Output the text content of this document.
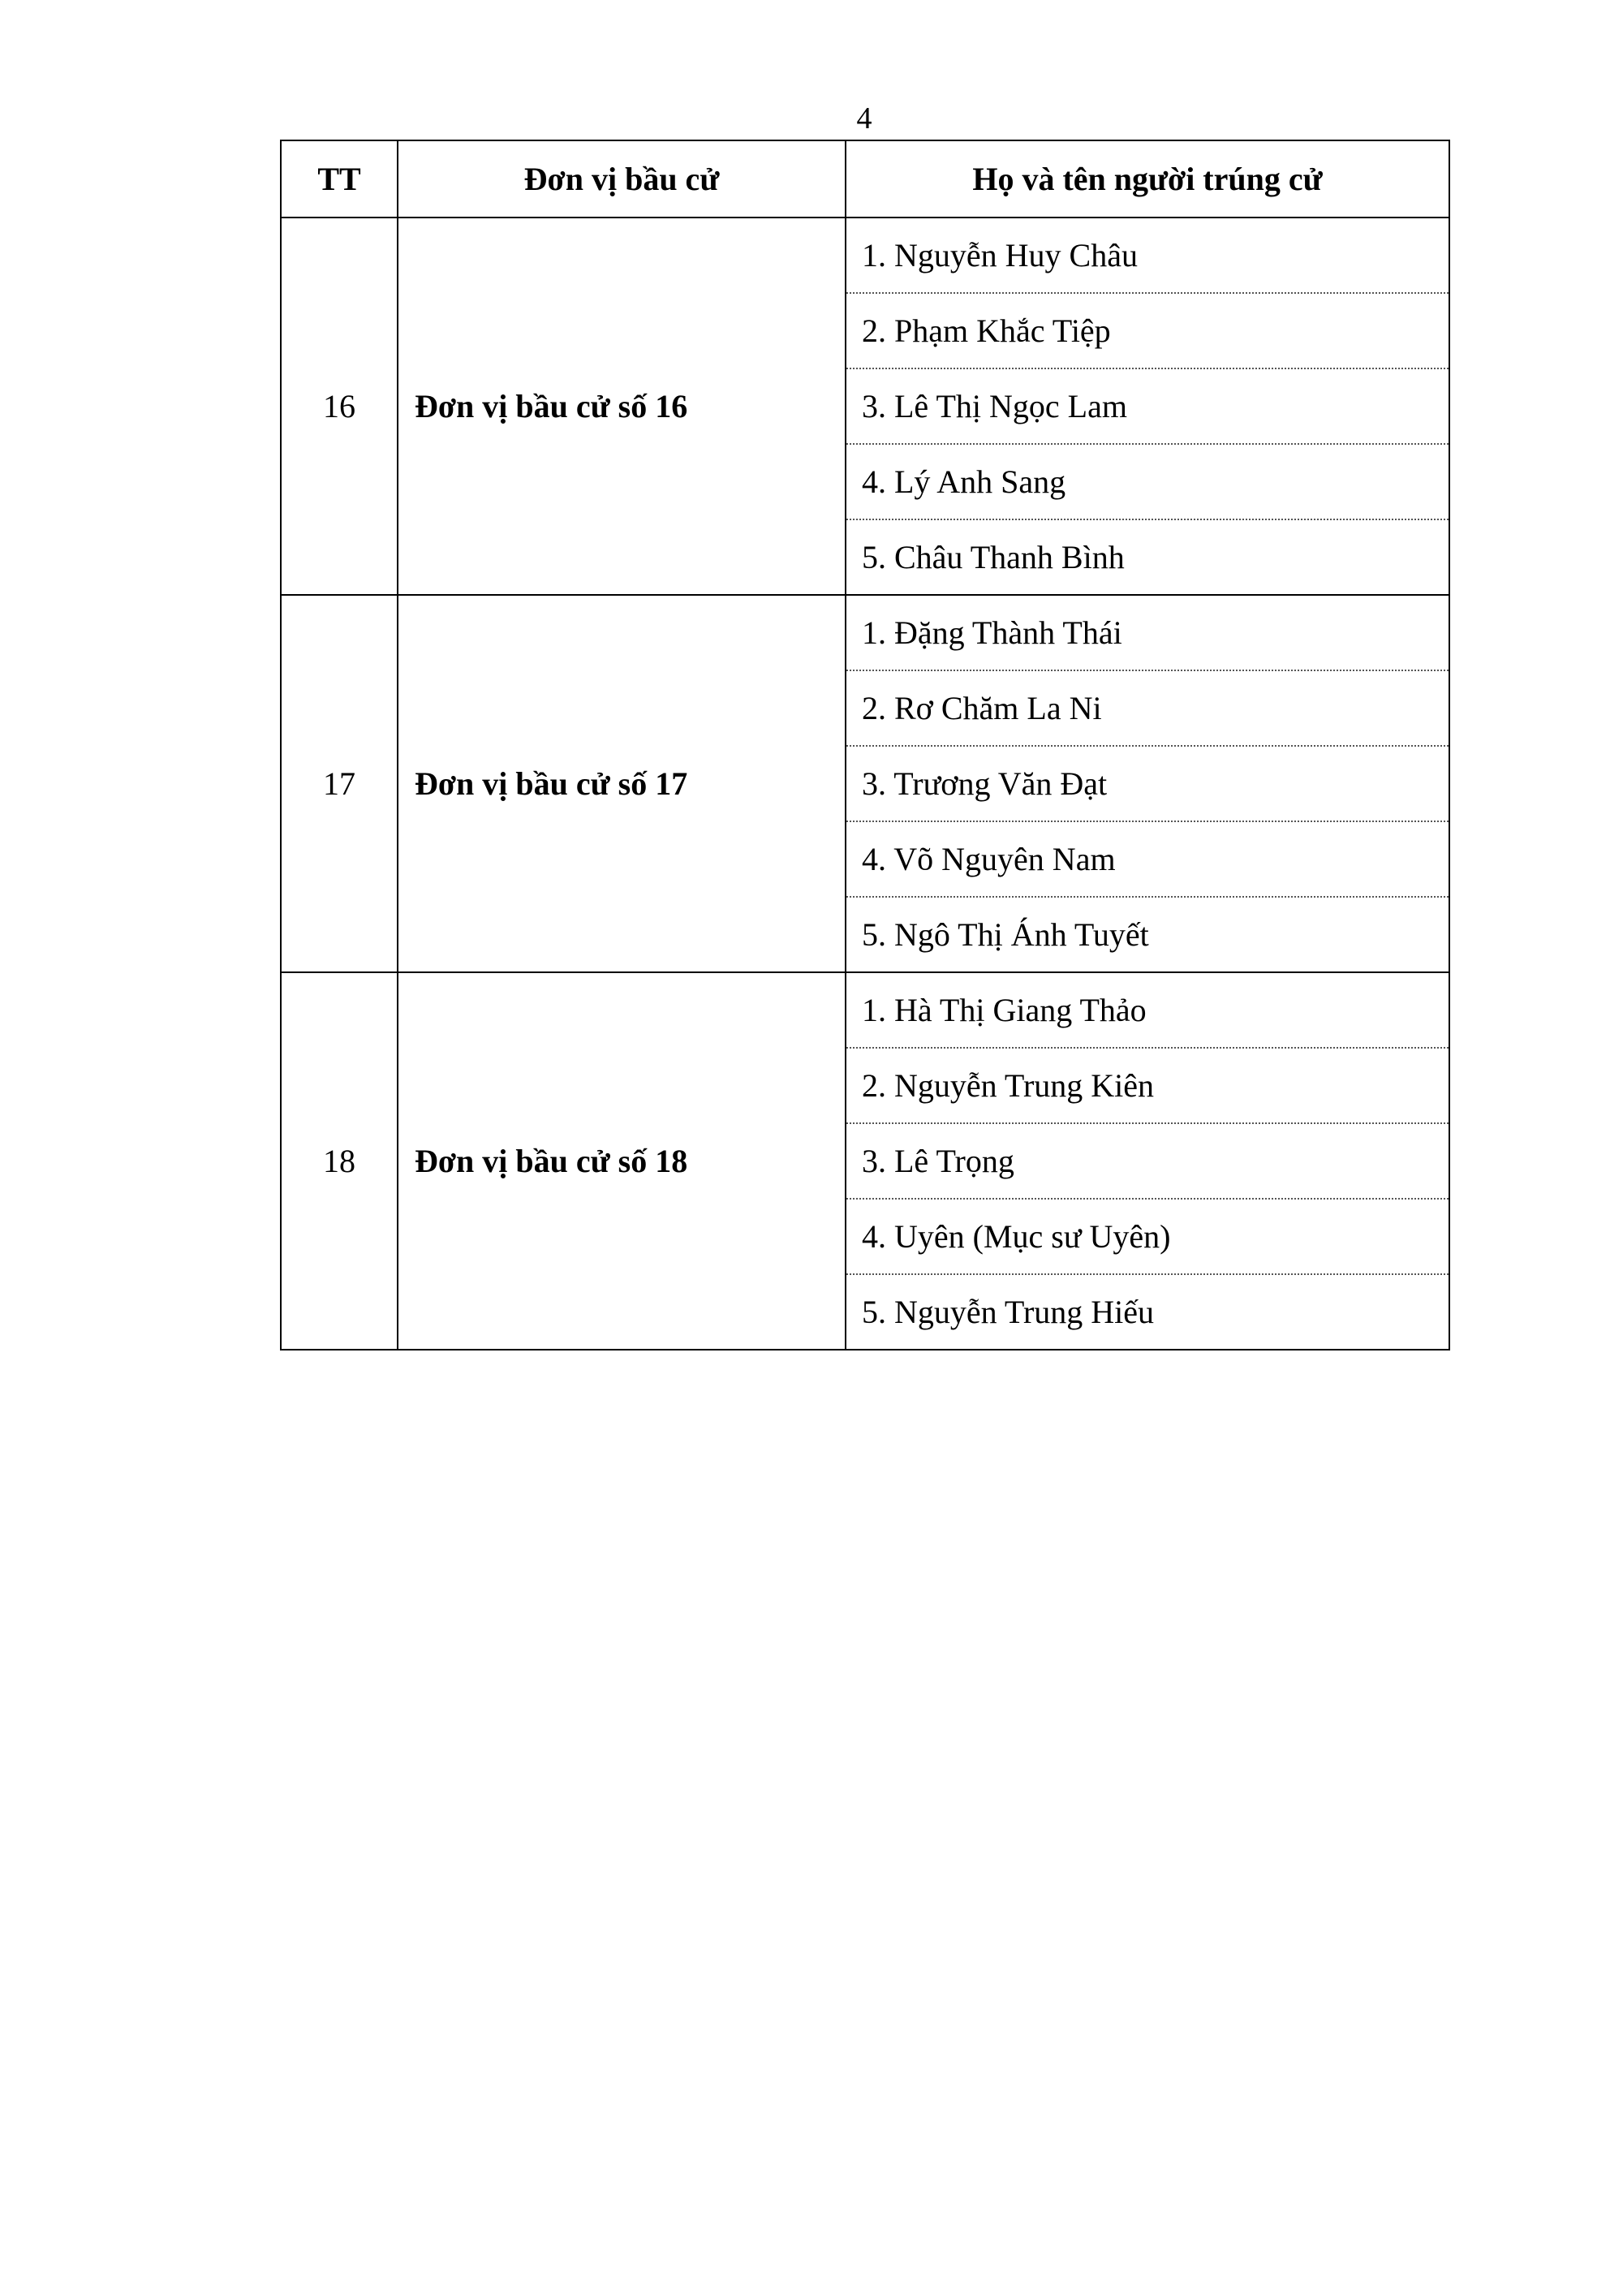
4
TT	Đơn vị bầu cử	Họ và tên người trúng cử
16	Đơn vị bầu cử số 16	1. Nguyễn Huy Châu
		2. Phạm Khắc Tiệp
		3. Lê Thị Ngọc Lam
		4. Lý Anh Sang
		5. Châu Thanh Bình
17	Đơn vị bầu cử số 17	1. Đặng Thành Thái
		2. Rơ Chăm La Ni
		3. Trương Văn Đạt
		4. Võ Nguyên Nam
		5. Ngô Thị Ánh Tuyết
18	Đơn vị bầu cử số 18	1. Hà Thị Giang Thảo
		2. Nguyễn Trung Kiên
		3. Lê Trọng
		4. Uyên (Mục sư Uyên)
		5. Nguyễn Trung Hiếu
